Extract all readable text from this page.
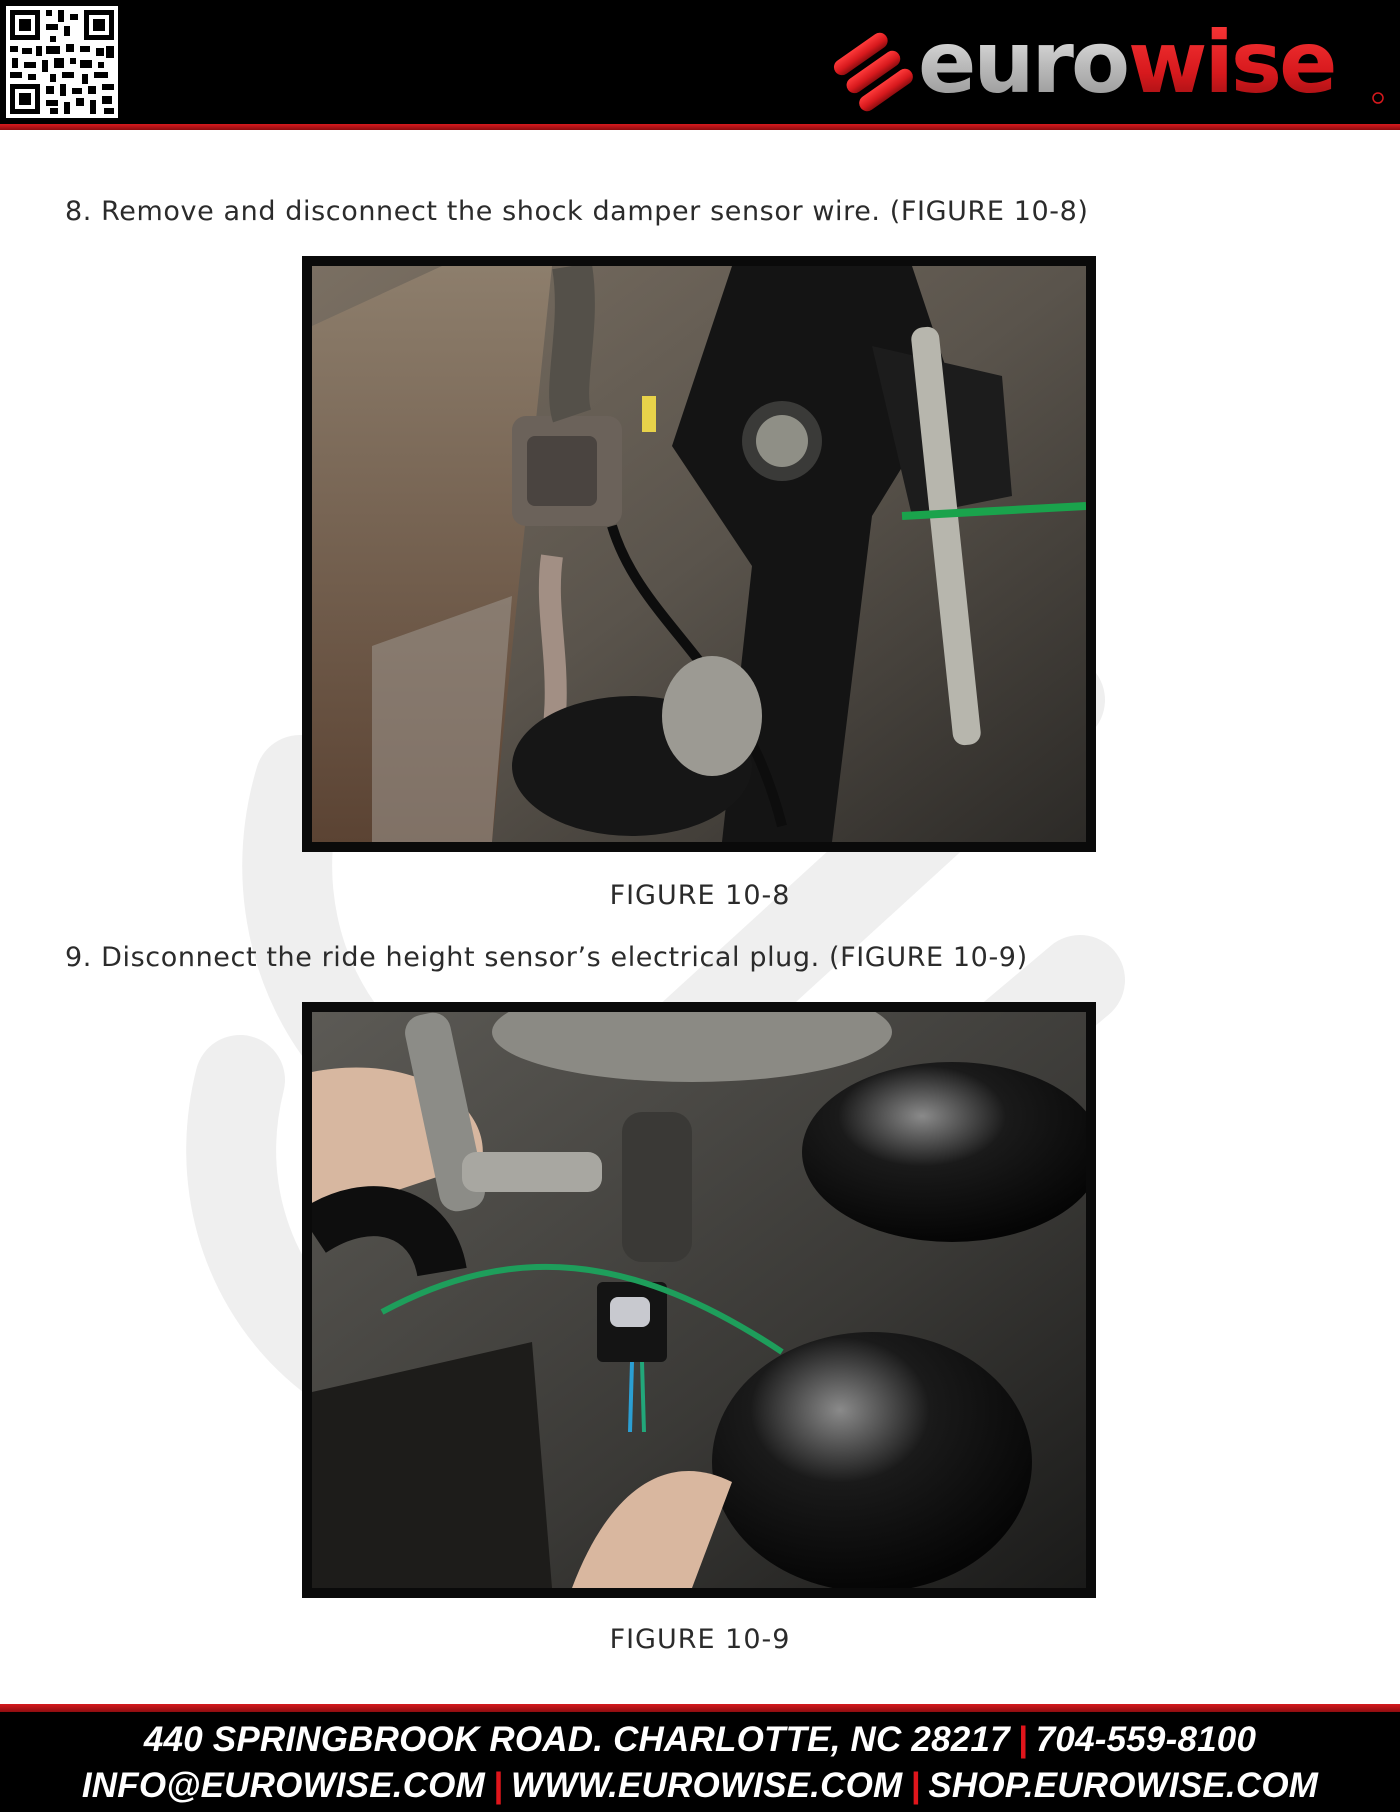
euro wise

8. Remove and disconnect the shock damper sensor wire. (FIGURE 10-8)

FIGURE 10-8

9. Disconnect the ride height sensor’s electrical plug. (FIGURE 10-9)

FIGURE 10-9
440 SPRINGBROOK ROAD. CHARLOTTE, NC 28217 | 704-559-8100
INFO@EUROWISE.COM | WWW.EUROWISE.COM | SHOP.EUROWISE.COM
